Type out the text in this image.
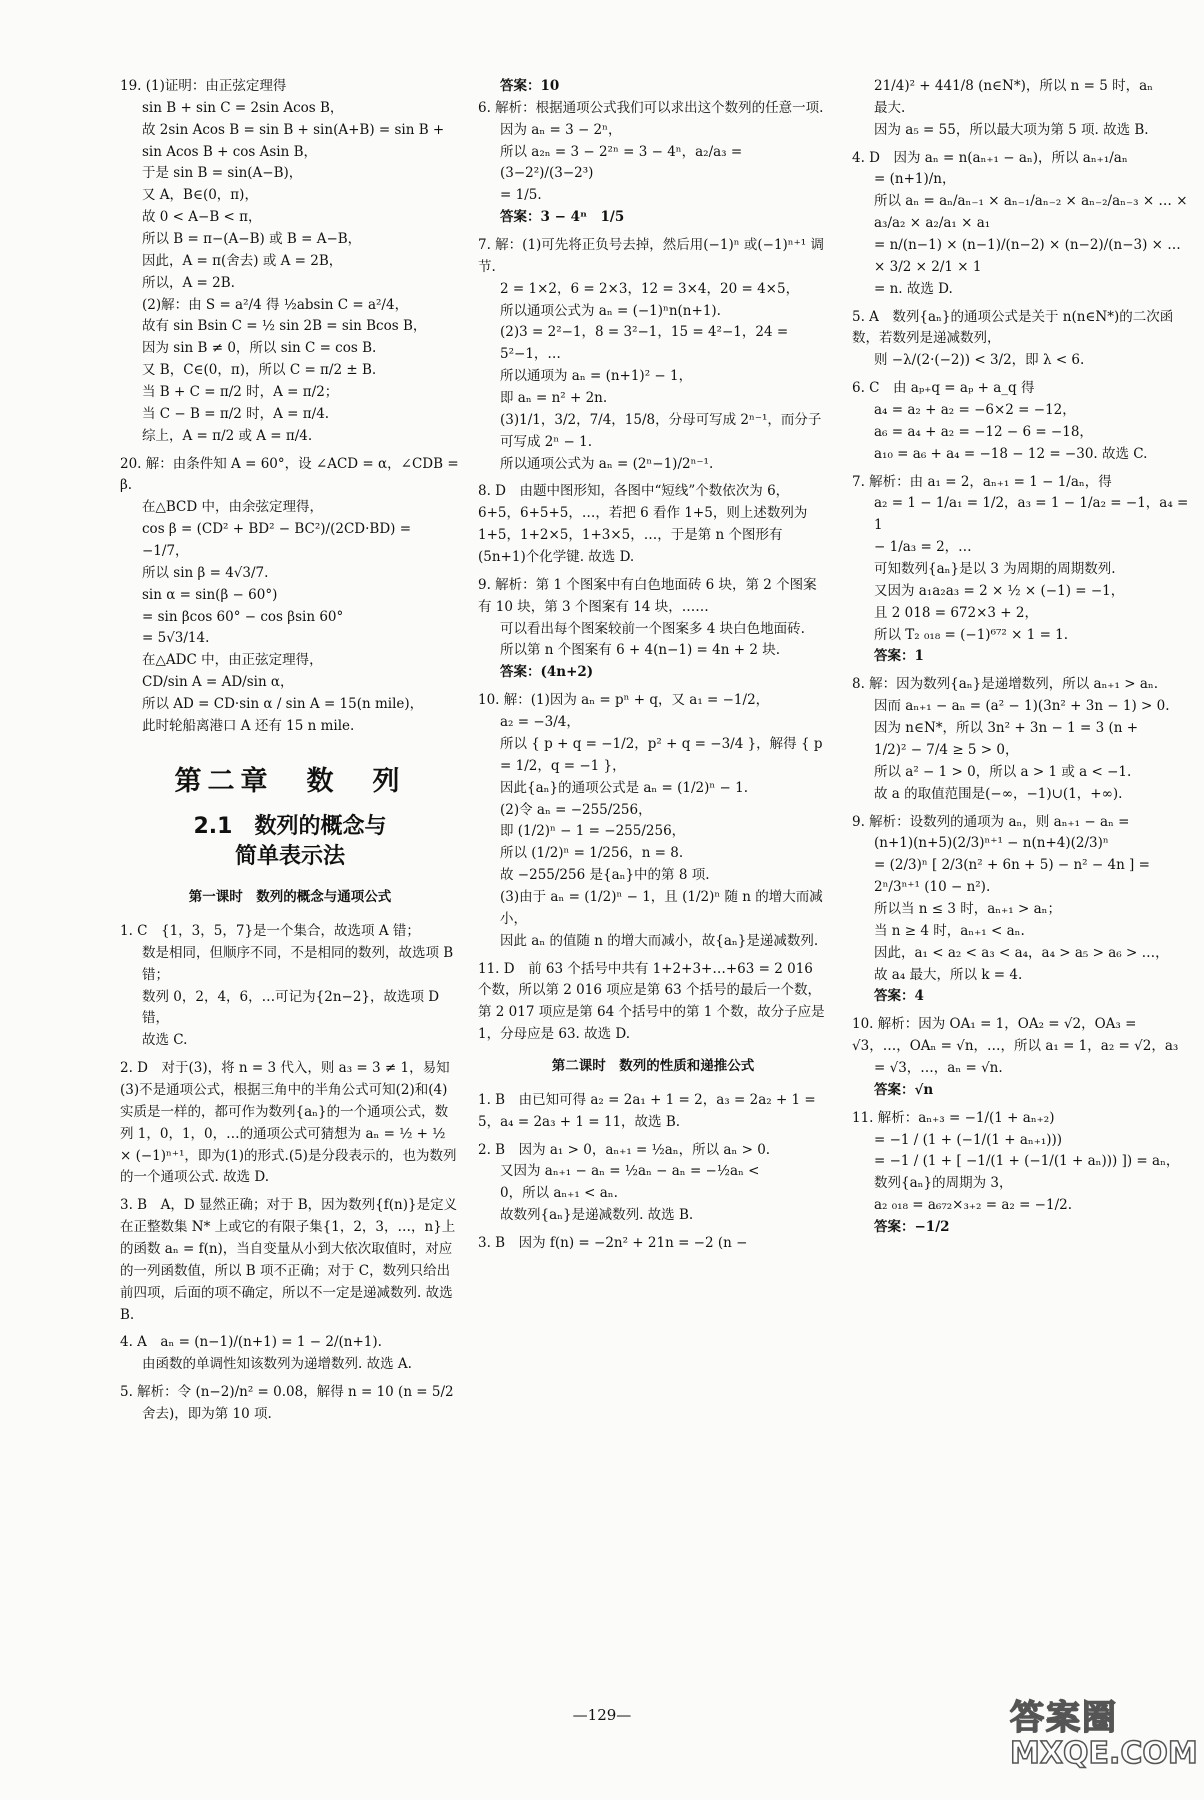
19. (1)证明：由正弦定理得

sin B + sin C = 2sin Acos B，

故 2sin Acos B = sin B + sin(A+B) = sin B + sin Acos B + cos Asin B，

于是 sin B = sin(A−B)，

又 A，B∈(0，π)，

故 0 < A−B < π，

所以 B = π−(A−B) 或 B = A−B，

因此，A = π(舍去) 或 A = 2B，

所以，A = 2B.

(2)解：由 S = a²/4 得 ½absin C = a²/4，

故有 sin Bsin C = ½ sin 2B = sin Bcos B，

因为 sin B ≠ 0，所以 sin C = cos B.

又 B，C∈(0，π)，所以 C = π/2 ± B.

当 B + C = π/2 时，A = π/2；

当 C − B = π/2 时，A = π/4.

综上，A = π/2 或 A = π/4.

20. 解：由条件知 A = 60°，设 ∠ACD = α，∠CDB = β.

在△BCD 中，由余弦定理得，

cos β = (CD² + BD² − BC²)/(2CD·BD) = −1/7，

所以 sin β = 4√3/7.

sin α = sin(β − 60°)

= sin βcos 60° − cos βsin 60°

= 5√3/14.

在△ADC 中，由正弦定理得，

CD/sin A = AD/sin α，

所以 AD = CD·sin α / sin A = 15(n mile)，

此时轮船离港口 A 还有 15 n mile.

第二章　数　列
2.1　数列的概念与
简单表示法
第一课时　数列的概念与通项公式

1. C　{1，3，5，7}是一个集合，故选项 A 错；

数是相同，但顺序不同，不是相同的数列，故选项 B 错；

数列 0，2，4，6，…可记为{2n−2}，故选项 D 错，

故选 C.

2. D　对于(3)，将 n = 3 代入，则 a₃ = 3 ≠ 1，易知(3)不是通项公式，根据三角中的半角公式可知(2)和(4)实质是一样的，都可作为数列{aₙ}的一个通项公式，数列 1，0，1，0，…的通项公式可猜想为 aₙ = ½ + ½ × (−1)ⁿ⁺¹，即为(1)的形式.(5)是分段表示的，也为数列的一个通项公式. 故选 D.

3. B　A，D 显然正确；对于 B，因为数列{f(n)}是定义在正整数集 N* 上或它的有限子集{1，2，3，…，n}上的函数 aₙ = f(n)，当自变量从小到大依次取值时，对应的一列函数值，所以 B 项不正确；对于 C，数列只给出前四项，后面的项不确定，所以不一定是递减数列. 故选 B.

4. A　aₙ = (n−1)/(n+1) = 1 − 2/(n+1).

由函数的单调性知该数列为递增数列. 故选 A.

5. 解析：令 (n−2)/n² = 0.08，解得 n = 10 (n = 5/2

舍去)，即为第 10 项.

答案：10

6. 解析：根据通项公式我们可以求出这个数列的任意一项.

因为 aₙ = 3 − 2ⁿ，

所以 a₂ₙ = 3 − 2²ⁿ = 3 − 4ⁿ，a₂/a₃ = (3−2²)/(3−2³)

= 1/5.

答案：3 − 4ⁿ　1/5

7. 解：(1)可先将正负号去掉，然后用(−1)ⁿ 或(−1)ⁿ⁺¹ 调节.

2 = 1×2，6 = 2×3，12 = 3×4，20 = 4×5，

所以通项公式为 aₙ = (−1)ⁿn(n+1).

(2)3 = 2²−1，8 = 3²−1，15 = 4²−1，24 = 5²−1，…

所以通项为 aₙ = (n+1)² − 1，

即 aₙ = n² + 2n.

(3)1/1，3/2，7/4，15/8，分母可写成 2ⁿ⁻¹，而分子可写成 2ⁿ − 1.

所以通项公式为 aₙ = (2ⁿ−1)/2ⁿ⁻¹.

8. D　由题中图形知，各图中“短线”个数依次为 6，6+5，6+5+5，…，若把 6 看作 1+5，则上述数列为 1+5，1+2×5，1+3×5，…，于是第 n 个图形有(5n+1)个化学键. 故选 D.

9. 解析：第 1 个图案中有白色地面砖 6 块，第 2 个图案有 10 块，第 3 个图案有 14 块，……

可以看出每个图案较前一个图案多 4 块白色地面砖.

所以第 n 个图案有 6 + 4(n−1) = 4n + 2 块.

答案：(4n+2)

10. 解：(1)因为 aₙ = pⁿ + q，又 a₁ = −1/2，

a₂ = −3/4，

所以 { p + q = −1/2，p² + q = −3/4 }，解得 { p = 1/2，q = −1 }，

因此{aₙ}的通项公式是 aₙ = (1/2)ⁿ − 1.

(2)令 aₙ = −255/256，

即 (1/2)ⁿ − 1 = −255/256，

所以 (1/2)ⁿ = 1/256，n = 8.

故 −255/256 是{aₙ}中的第 8 项.

(3)由于 aₙ = (1/2)ⁿ − 1，且 (1/2)ⁿ 随 n 的增大而减小，

因此 aₙ 的值随 n 的增大而减小，故{aₙ}是递减数列.

11. D　前 63 个括号中共有 1+2+3+…+63 = 2 016 个数，所以第 2 016 项应是第 63 个括号的最后一个数，第 2 017 项应是第 64 个括号中的第 1 个数，故分子应是 1，分母应是 63. 故选 D.

第二课时　数列的性质和递推公式

1. B　由已知可得 a₂ = 2a₁ + 1 = 2，a₃ = 2a₂ + 1 = 5，a₄ = 2a₃ + 1 = 11，故选 B.

2. B　因为 a₁ > 0，aₙ₊₁ = ½aₙ，所以 aₙ > 0.

又因为 aₙ₊₁ − aₙ = ½aₙ − aₙ = −½aₙ <

0，所以 aₙ₊₁ < aₙ.

故数列{aₙ}是递减数列. 故选 B.

3. B　因为 f(n) = −2n² + 21n = −2 (n −

21/4)² + 441/8 (n∈N*)，所以 n = 5 时，aₙ

最大.

因为 a₅ = 55，所以最大项为第 5 项. 故选 B.

4. D　因为 aₙ = n(aₙ₊₁ − aₙ)，所以 aₙ₊₁/aₙ

= (n+1)/n，

所以 aₙ = aₙ/aₙ₋₁ × aₙ₋₁/aₙ₋₂ × aₙ₋₂/aₙ₋₃ × … × a₃/a₂ × a₂/a₁ × a₁

= n/(n−1) × (n−1)/(n−2) × (n−2)/(n−3) × … × 3/2 × 2/1 × 1

= n. 故选 D.

5. A　数列{aₙ}的通项公式是关于 n(n∈N*)的二次函数，若数列是递减数列，

则 −λ/(2·(−2)) < 3/2，即 λ < 6.

6. C　由 aₚ₊q = aₚ + a_q 得

a₄ = a₂ + a₂ = −6×2 = −12，

a₆ = a₄ + a₂ = −12 − 6 = −18，

a₁₀ = a₆ + a₄ = −18 − 12 = −30. 故选 C.

7. 解析：由 a₁ = 2，aₙ₊₁ = 1 − 1/aₙ，得

a₂ = 1 − 1/a₁ = 1/2，a₃ = 1 − 1/a₂ = −1，a₄ = 1

− 1/a₃ = 2，…

可知数列{aₙ}是以 3 为周期的周期数列.

又因为 a₁a₂a₃ = 2 × ½ × (−1) = −1，

且 2 018 = 672×3 + 2，

所以 T₂ ₀₁₈ = (−1)⁶⁷² × 1 = 1.

答案：1

8. 解：因为数列{aₙ}是递增数列，所以 aₙ₊₁ > aₙ.

因而 aₙ₊₁ − aₙ = (a² − 1)(3n² + 3n − 1) > 0.

因为 n∈N*，所以 3n² + 3n − 1 = 3 (n +

1/2)² − 7/4 ≥ 5 > 0，

所以 a² − 1 > 0，所以 a > 1 或 a < −1.

故 a 的取值范围是(−∞，−1)∪(1，+∞).

9. 解析：设数列的通项为 aₙ，则 aₙ₊₁ − aₙ =

(n+1)(n+5)(2/3)ⁿ⁺¹ − n(n+4)(2/3)ⁿ

= (2/3)ⁿ [ 2/3(n² + 6n + 5) − n² − 4n ] =

2ⁿ/3ⁿ⁺¹ (10 − n²).

所以当 n ≤ 3 时，aₙ₊₁ > aₙ；

当 n ≥ 4 时，aₙ₊₁ < aₙ.

因此，a₁ < a₂ < a₃ < a₄，a₄ > a₅ > a₆ > …，

故 a₄ 最大，所以 k = 4.

答案：4

10. 解析：因为 OA₁ = 1，OA₂ = √2，OA₃ = √3，…，OAₙ = √n，…，所以 a₁ = 1，a₂ = √2，a₃

= √3，…，aₙ = √n.

答案：√n

11. 解析：aₙ₊₃ = −1/(1 + aₙ₊₂)

= −1 / (1 + (−1/(1 + aₙ₊₁)))

= −1 / (1 + [ −1/(1 + (−1/(1 + aₙ))) ]) = aₙ，

数列{aₙ}的周期为 3，

a₂ ₀₁₈ = a₆₇₂×₃₊₂ = a₂ = −1/2.

答案：−1/2

—129—	答案圈
MXQE.COM
